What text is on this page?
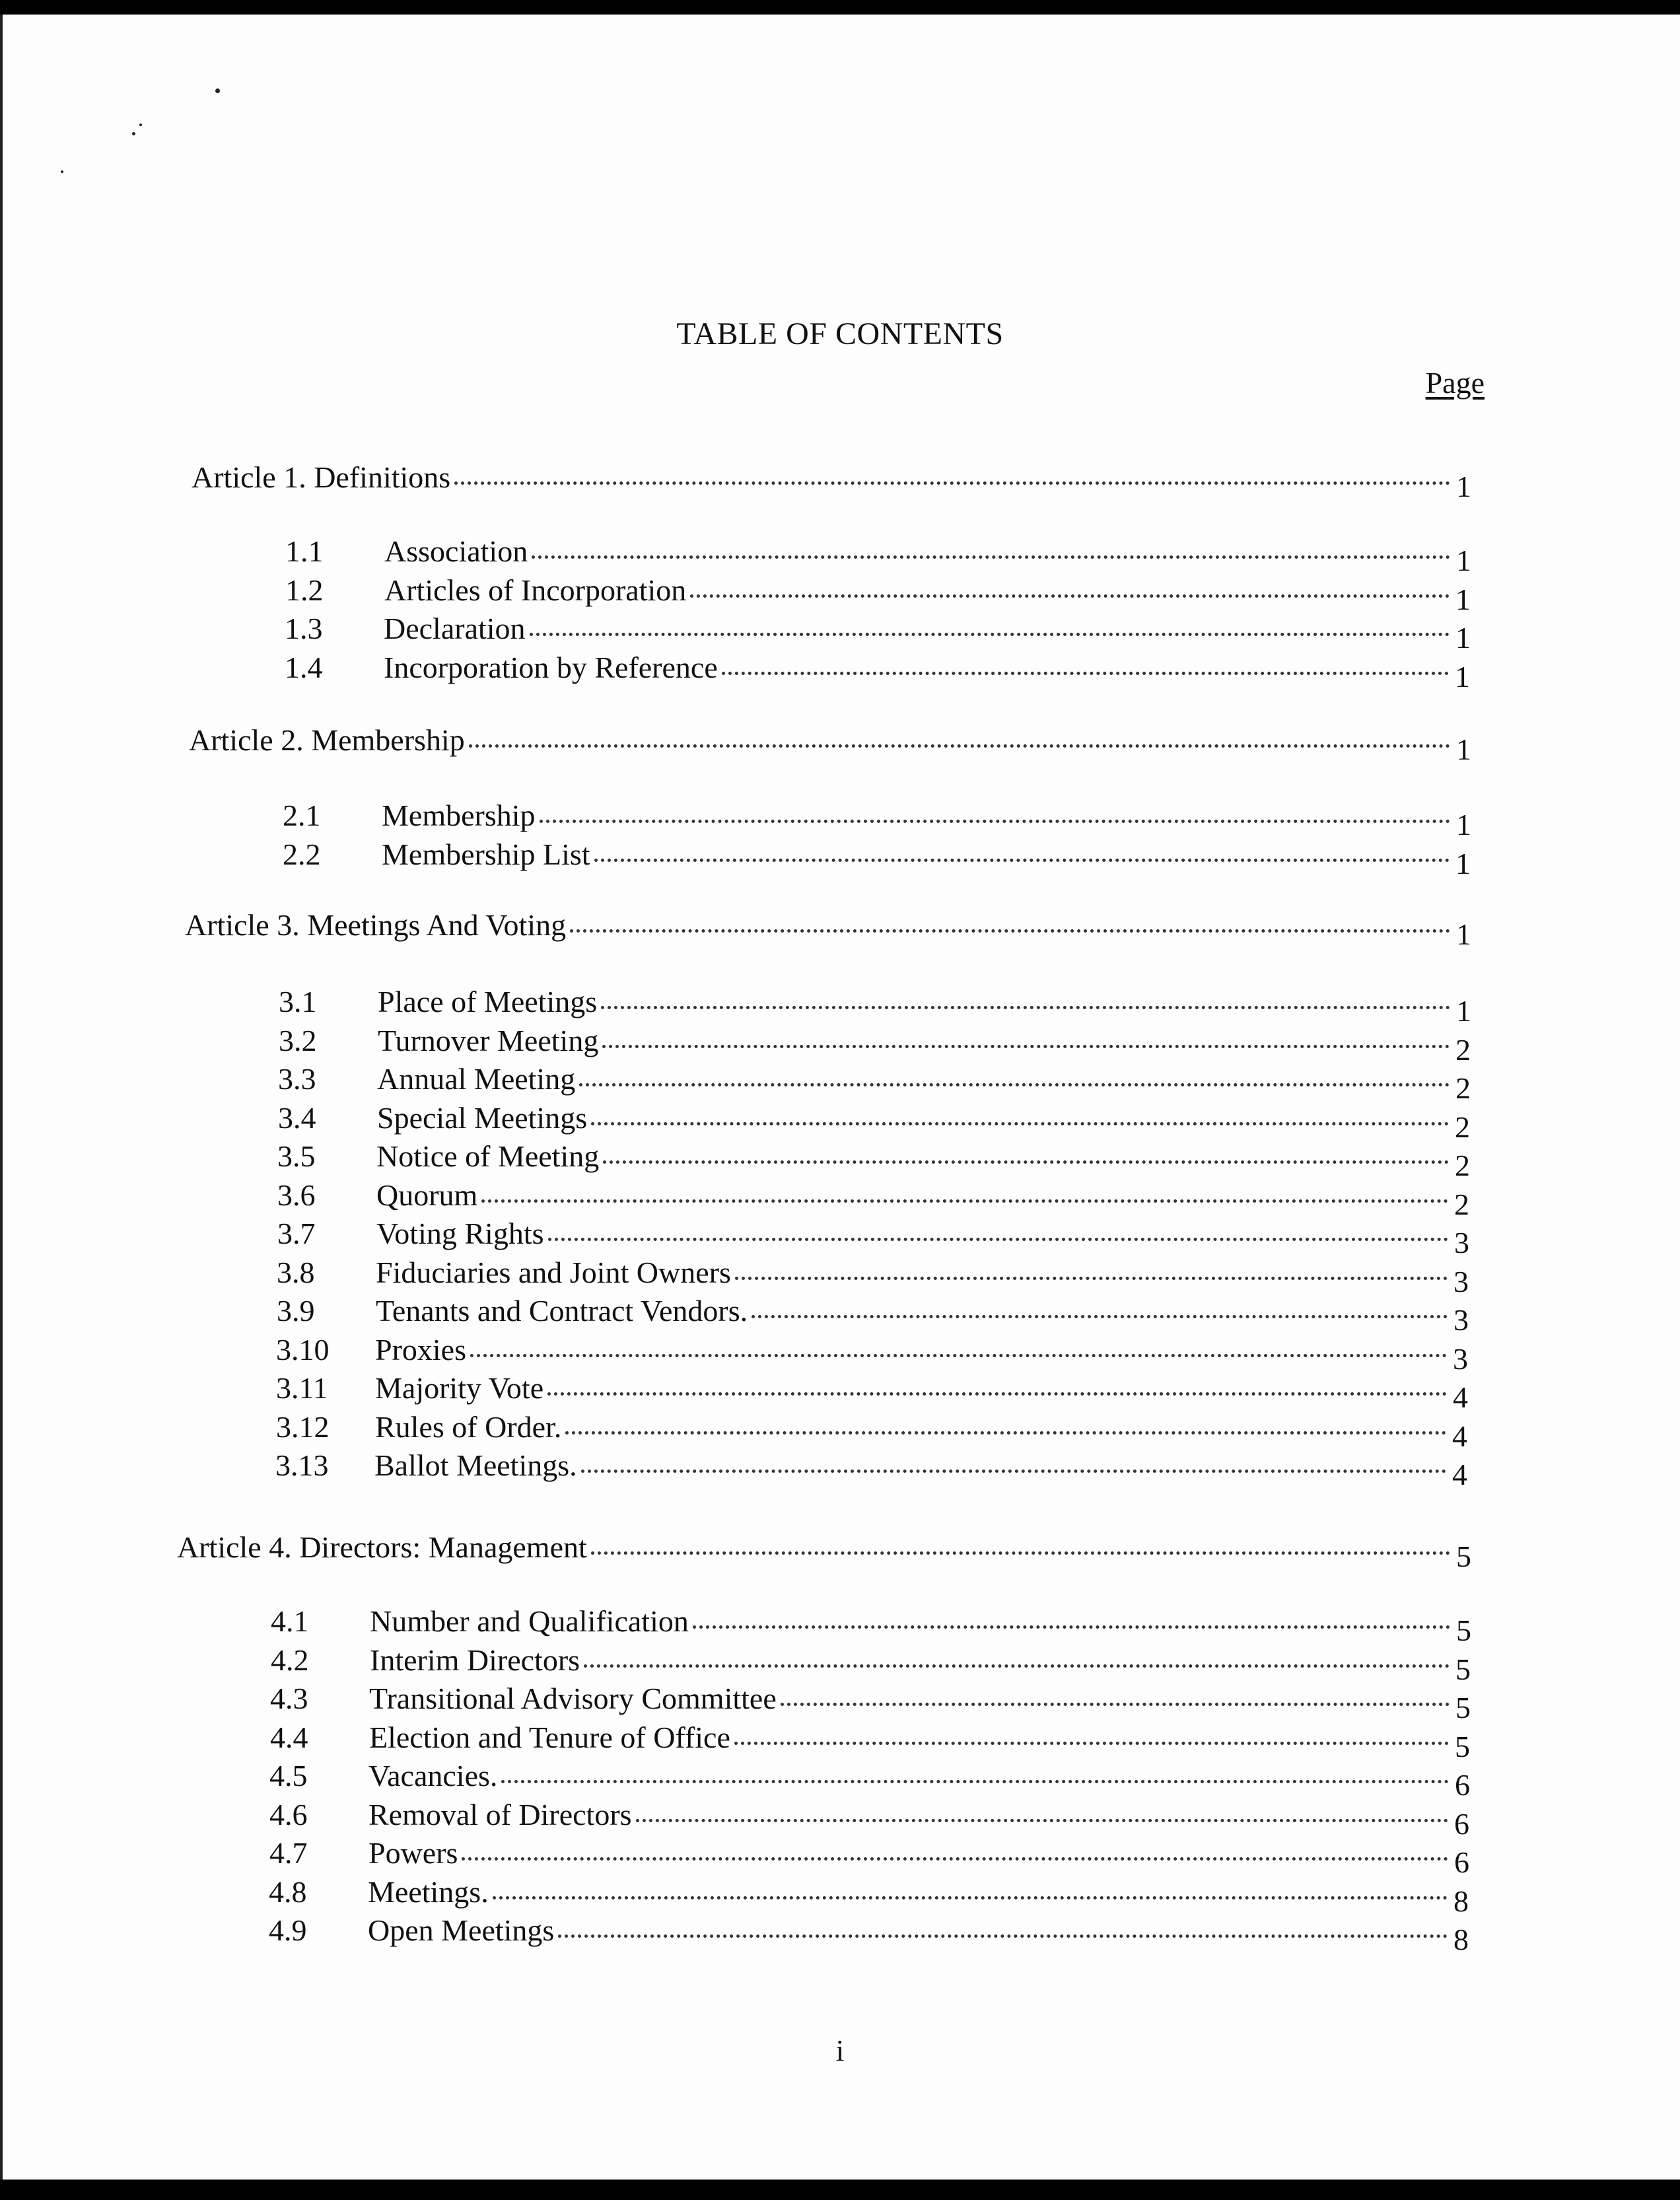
TABLE OF CONTENTS
Page
Article 1. Definitions	1
1.1	Association	1
1.2	Articles of Incorporation	1
1.3	Declaration	1
1.4	Incorporation by Reference	1
Article 2. Membership	1
2.1	Membership	1
2.2	Membership List	1
Article 3. Meetings And Voting	1
3.1	Place of Meetings	1
3.2	Turnover Meeting	2
3.3	Annual Meeting	2
3.4	Special Meetings	2
3.5	Notice of Meeting	2
3.6	Quorum	2
3.7	Voting Rights	3
3.8	Fiduciaries and Joint Owners	3
3.9	Tenants and Contract Vendors.	3
3.10	Proxies	3
3.11	Majority Vote	4
3.12	Rules of Order.	4
3.13	Ballot Meetings.	4
Article 4. Directors: Management	5
4.1	Number and Qualification	5
4.2	Interim Directors	5
4.3	Transitional Advisory Committee	5
4.4	Election and Tenure of Office	5
4.5	Vacancies.	6
4.6	Removal of Directors	6
4.7	Powers	6
4.8	Meetings.	8
4.9	Open Meetings	8
i
